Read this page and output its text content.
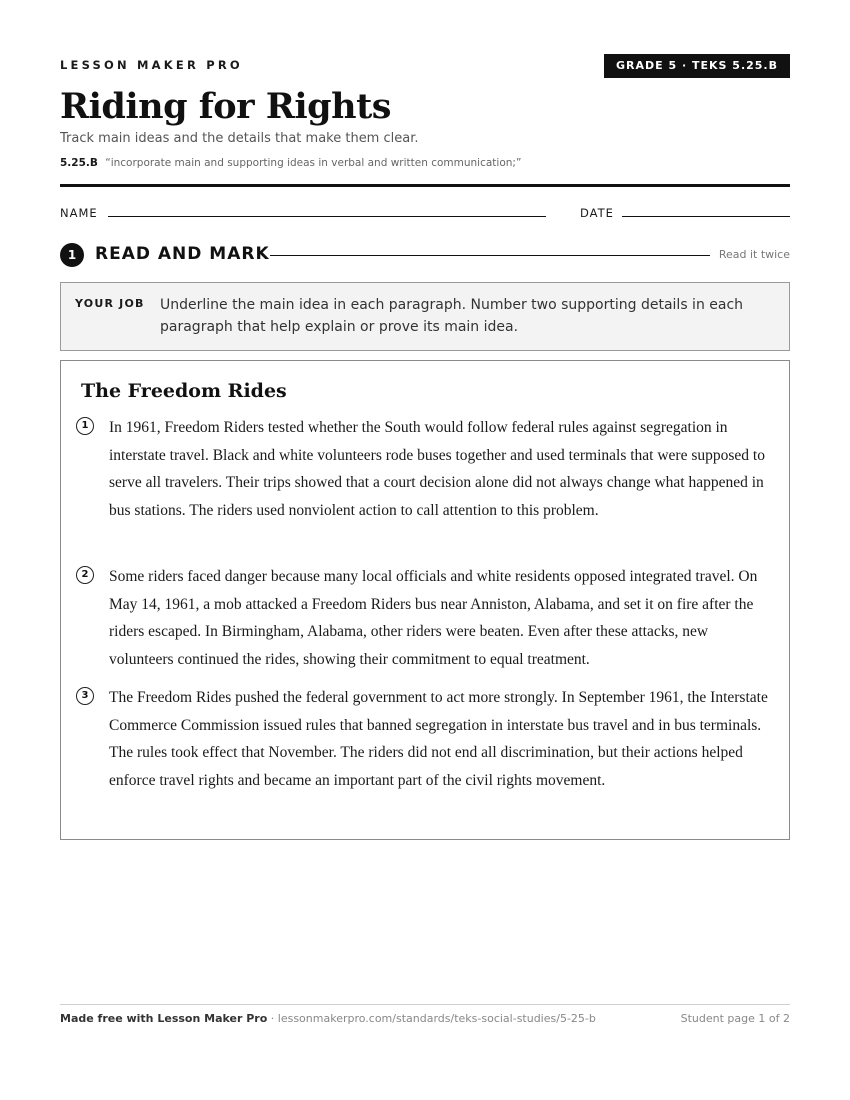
LESSON MAKER PRO	GRADE 5 · TEKS 5.25.B
Riding for Rights
Track main ideas and the details that make them clear.
5.25.B “incorporate main and supporting ideas in verbal and written communication;”
NAME	DATE
1	READ AND MARK	Read it twice
YOUR JOB Underline the main idea in each paragraph. Number two supporting details in each paragraph that help explain or prove its main idea.
The Freedom Rides
1	In 1961, Freedom Riders tested whether the South would follow federal rules against segregation in interstate travel. Black and white volunteers rode buses together and used terminals that were supposed to serve all travelers. Their trips showed that a court decision alone did not always change what happened in bus stations. The riders used nonviolent action to call attention to this problem.
2	Some riders faced danger because many local officials and white residents opposed integrated travel. On May 14, 1961, a mob attacked a Freedom Riders bus near Anniston, Alabama, and set it on fire after the riders escaped. In Birmingham, Alabama, other riders were beaten. Even after these attacks, new volunteers continued the rides, showing their commitment to equal treatment.
3	The Freedom Rides pushed the federal government to act more strongly. In September 1961, the Interstate Commerce Commission issued rules that banned segregation in interstate bus travel and in bus terminals. The rules took effect that November. The riders did not end all discrimination, but their actions helped enforce travel rights and became an important part of the civil rights movement.
Made free with Lesson Maker Pro · lessonmakerpro.com/standards/teks-social-studies/5-25-b	Student page 1 of 2
